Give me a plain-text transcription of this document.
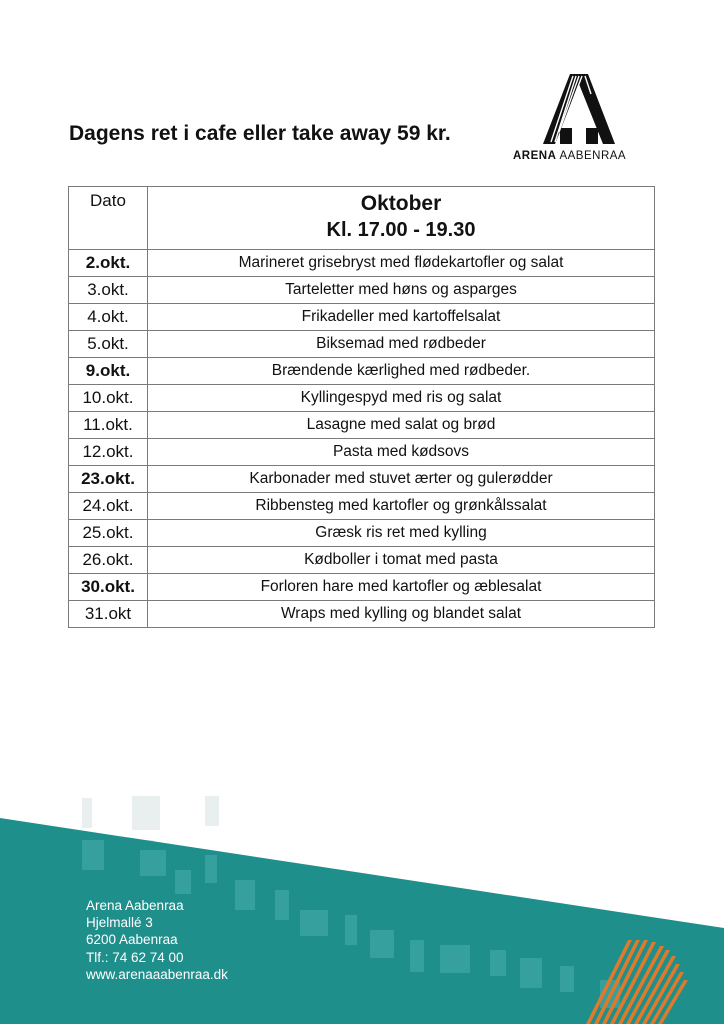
Dagens ret i cafe eller take away 59 kr.
ARENA AABENRAA
Dato	Oktober
Kl. 17.00 - 19.30

2.okt.	Marineret grisebryst med flødekartofler og salat
3.okt.	Tarteletter med høns og asparges
4.okt.	Frikadeller med kartoffelsalat
5.okt.	Biksemad med rødbeder
9.okt.	Brændende kærlighed med rødbeder.
10.okt.	Kyllingespyd med ris og salat
11.okt.	Lasagne med salat og brød
12.okt.	Pasta med kødsovs
23.okt.	Karbonader med stuvet ærter og gulerødder
24.okt.	Ribbensteg med kartofler og grønkålssalat
25.okt.	Græsk ris ret med kylling
26.okt.	Kødboller i tomat med pasta
30.okt.	Forloren hare med kartofler og æblesalat
31.okt	Wraps med kylling og blandet salat
Arena Aabenraa
Hjelmallé 3
6200 Aabenraa
Tlf.: 74 62 74 00
www.arenaaabenraa.dk
